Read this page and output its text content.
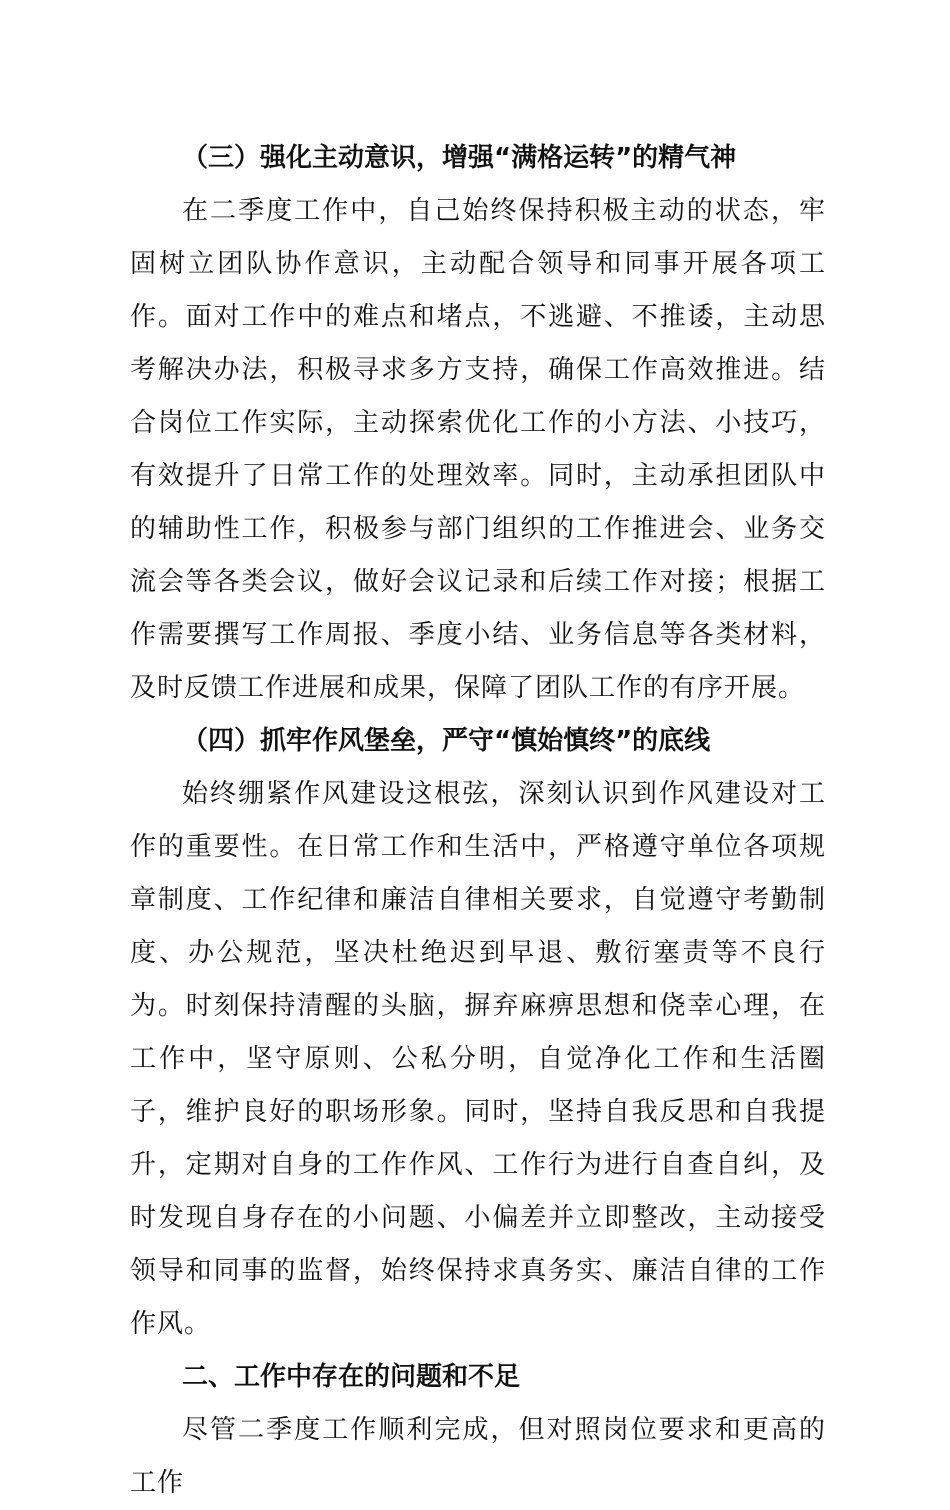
（三）强化主动意识，增强“满格运转”的精气神

在二季度工作中，自己始终保持积极主动的状态，牢固树立团队协作意识，主动配合领导和同事开展各项工作。面对工作中的难点和堵点，不逃避、不推诿，主动思考解决办法，积极寻求多方支持，确保工作高效推进。结合岗位工作实际，主动探索优化工作的小方法、小技巧，有效提升了日常工作的处理效率。同时，主动承担团队中的辅助性工作，积极参与部门组织的工作推进会、业务交流会等各类会议，做好会议记录和后续工作对接；根据工作需要撰写工作周报、季度小结、业务信息等各类材料，及时反馈工作进展和成果，保障了团队工作的有序开展。

（四）抓牢作风堡垒，严守“慎始慎终”的底线

始终绷紧作风建设这根弦，深刻认识到作风建设对工作的重要性。在日常工作和生活中，严格遵守单位各项规章制度、工作纪律和廉洁自律相关要求，自觉遵守考勤制度、办公规范，坚决杜绝迟到早退、敷衍塞责等不良行为。时刻保持清醒的头脑，摒弃麻痹思想和侥幸心理，在工作中，坚守原则、公私分明，自觉净化工作和生活圈子，维护良好的职场形象。同时，坚持自我反思和自我提升，定期对自身的工作作风、工作行为进行自查自纠，及时发现自身存在的小问题、小偏差并立即整改，主动接受领导和同事的监督，始终保持求真务实、廉洁自律的工作作风。

二、工作中存在的问题和不足

尽管二季度工作顺利完成，但对照岗位要求和更高的工作
